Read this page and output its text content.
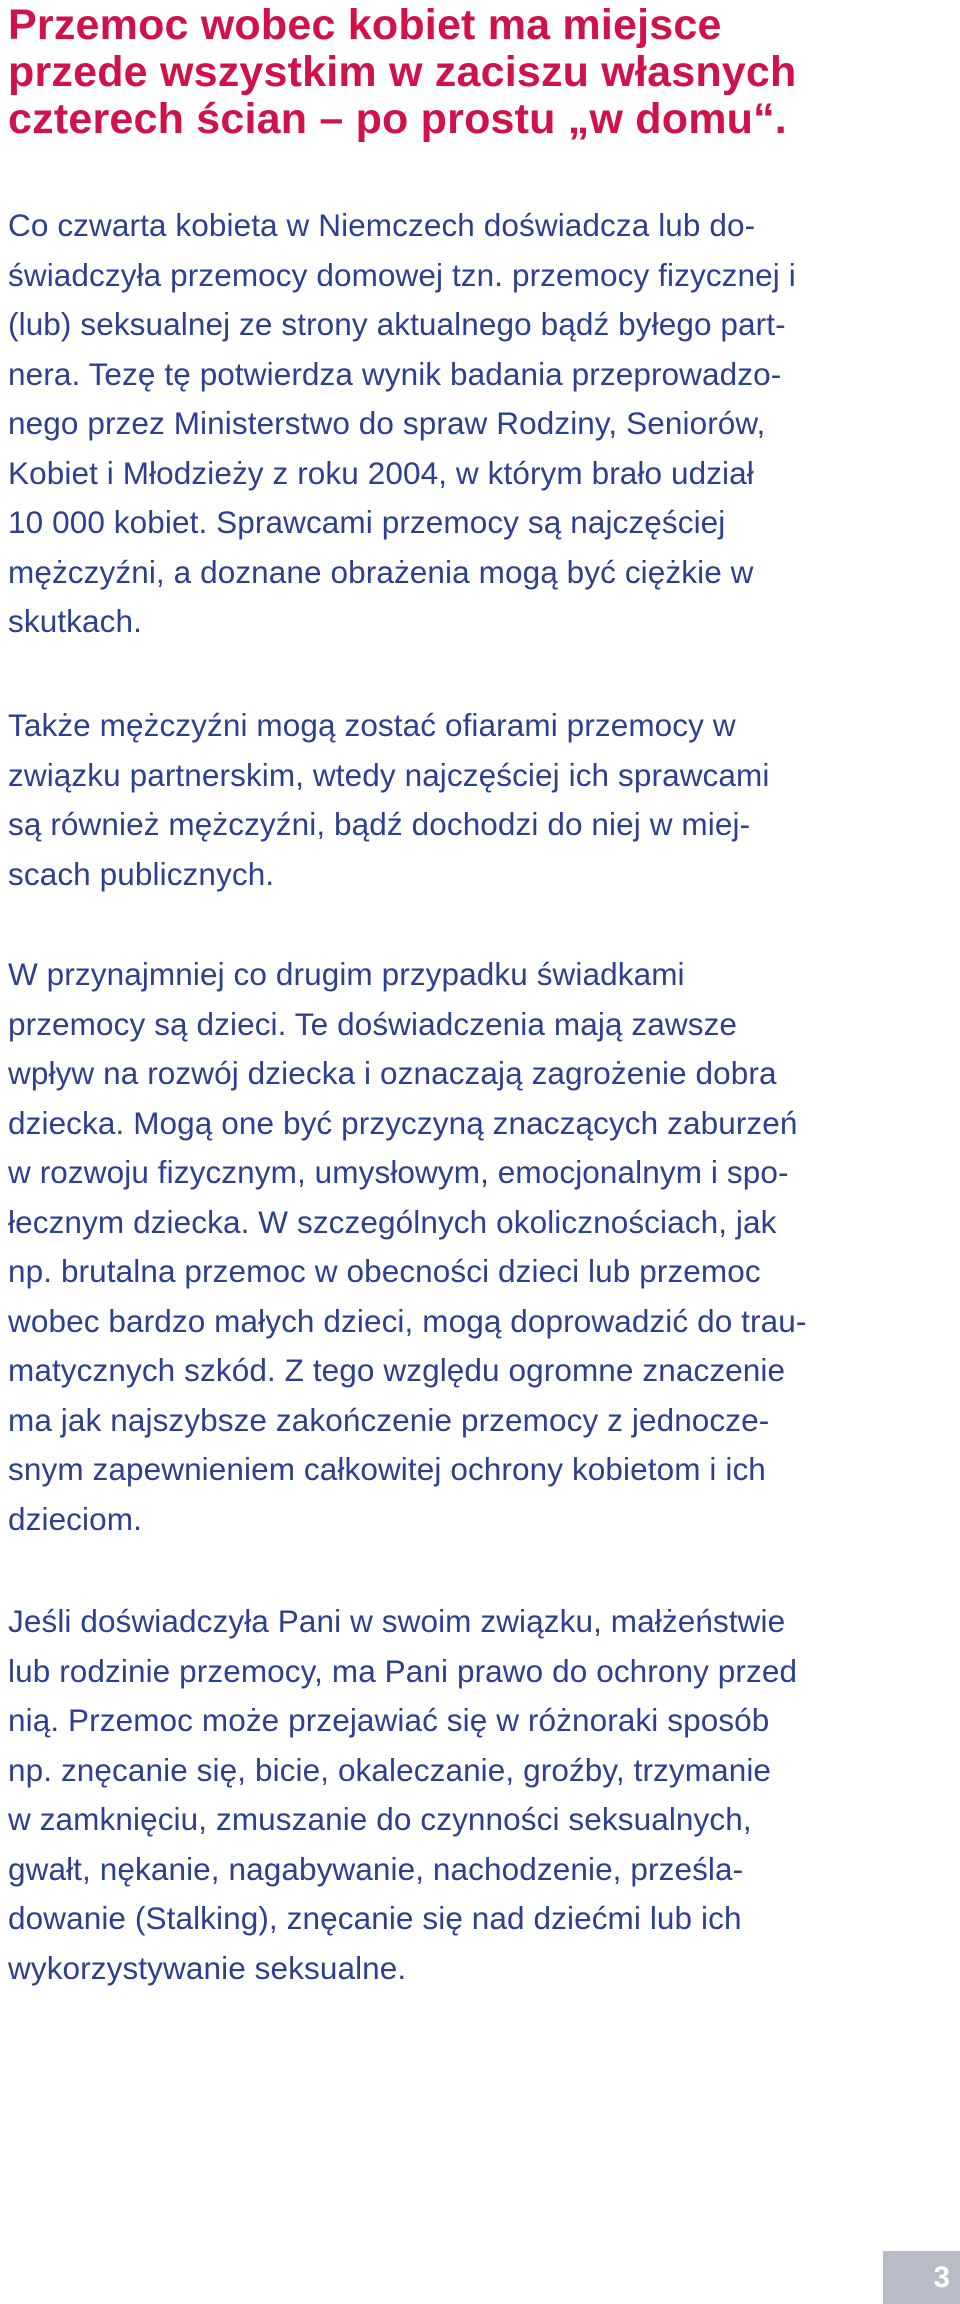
Przemoc wobec kobiet ma miejsce
przede wszystkim w zaciszu własnych
czterech ścian – po prostu „w domu“.

Co czwarta kobieta w Niemczech doświadcza lub do-
świadczyła przemocy domowej tzn. przemocy fizycznej i
(lub) seksualnej ze strony aktualnego bądź byłego part-
nera. Tezę tę potwierdza wynik badania przeprowadzo-
nego przez Ministerstwo do spraw Rodziny, Seniorów,
Kobiet i Młodzieży z roku 2004, w którym brało udział
10 000 kobiet. Sprawcami przemocy są najczęściej
mężczyźni, a doznane obrażenia mogą być ciężkie w
skutkach.

Także mężczyźni mogą zostać ofiarami przemocy w
związku partnerskim, wtedy najczęściej ich sprawcami
są również mężczyźni, bądź dochodzi do niej w miej-
scach publicznych.

W przynajmniej co drugim przypadku świadkami
przemocy są dzieci. Te doświadczenia mają zawsze
wpływ na rozwój dziecka i oznaczają zagrożenie dobra
dziecka. Mogą one być przyczyną znaczących zaburzeń
w rozwoju fizycznym, umysłowym, emocjonalnym i spo-
łecznym dziecka. W szczególnych okolicznościach, jak
np. brutalna przemoc w obecności dzieci lub przemoc
wobec bardzo małych dzieci, mogą doprowadzić do trau-
matycznych szkód. Z tego względu ogromne znaczenie
ma jak najszybsze zakończenie przemocy z jednocze-
snym zapewnieniem całkowitej ochrony kobietom i ich
dzieciom.

Jeśli doświadczyła Pani w swoim związku, małżeństwie
lub rodzinie przemocy, ma Pani prawo do ochrony przed
nią. Przemoc może przejawiać się w różnoraki sposób
np. znęcanie się, bicie, okaleczanie, groźby, trzymanie
w zamknięciu, zmuszanie do czynności seksualnych,
gwałt, nękanie, nagabywanie, nachodzenie, prześla-
dowanie (Stalking), znęcanie się nad dziećmi lub ich
wykorzystywanie seksualne.

3
